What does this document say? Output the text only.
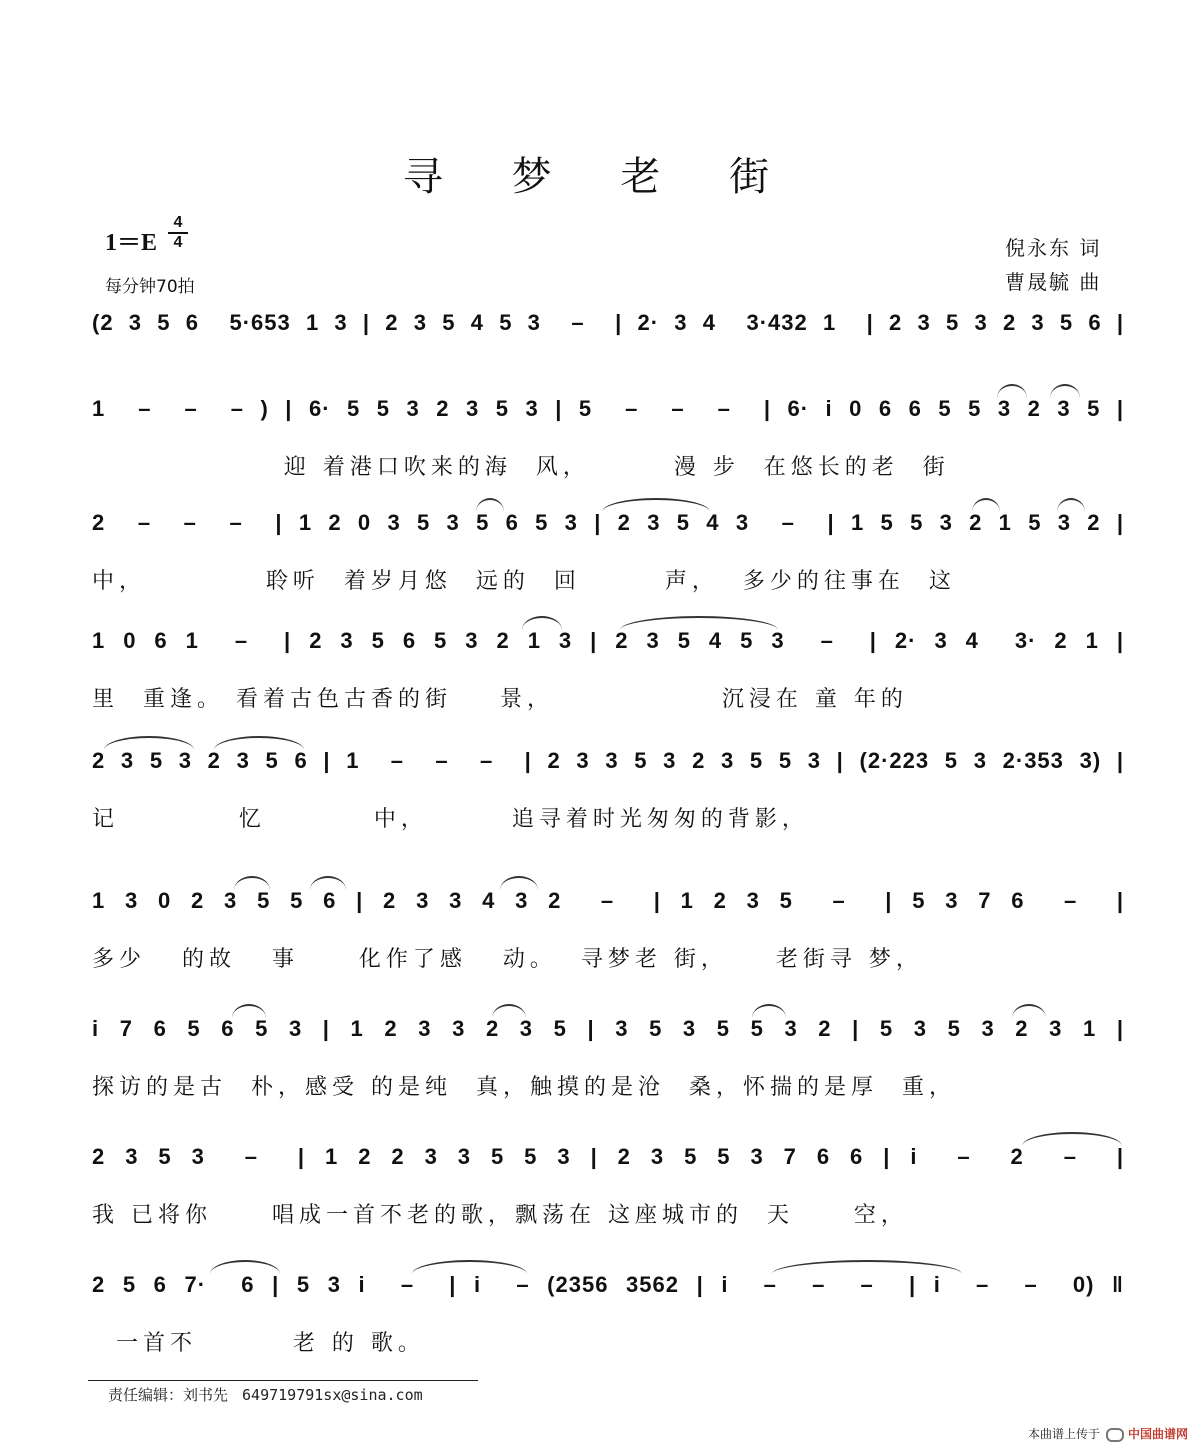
寻 梦 老 街
1＝E
4
4
每分钟70拍
倪永东 词
曹晟毓 曲
(2 3 5 6  5·653 1 3 | 2 3 5 4 5 3  –  | 2· 3 4  3·432 1  | 2 3 5 3 2 3 5 6 |
1  –  –  – ) | 6· 5 5 3 2 3 5 3 | 5  –  –  –  | 6· i 0 6 6 5 5 3 2 3 5 |
迎 着港口吹来的海  风，       漫 步  在悠长的老  街
2  –  –  –  | 1 2 0 3 5 3 5 6 5 3 | 2 3 5 4 3  –  | 1 5 5 3 2 1 5 3 2 |
中，          聆听  着岁月悠  远的  回       声，  多少的往事在  这
1 0 6 1  –  | 2 3 5 6 5 3 2 1 3 | 2 3 5 4 5 3  –  | 2· 3 4  3· 2 1 |
里  重逢。 看着古色古香的街    景，              沉浸在 童 年的
2 3 5 3 2 3 5 6 | 1  –  –  –  | 2 3 3 5 3 2 3 5 5 3 | (2·223 5 3 2·353 3) |
记          忆         中，       追寻着时光匆匆的背影，
1 3 0 2 3 5 5 6 | 2 3 3 4 3 2  –  | 1 2 3 5  –  | 5 3 7 6  –  |
多少   的故   事     化作了感   动。  寻梦老 街，    老街寻 梦，
i 7 6 5 6 5 3 | 1 2 3 3 2 3 5 | 3 5 3 5 5 3 2 | 5 3 5 3 2 3 1 |
探访的是古  朴，感受 的是纯  真，触摸的是沧  桑，怀揣的是厚  重，
2 3 5 3  –  | 1 2 2 3 3 5 5 3 | 2 3 5 5 3 7 6 6 | i  –  2  –  |
我 已将你     唱成一首不老的歌，飘荡在 这座城市的  天     空，
2 5 6 7·  6 | 5 3 i  –  | i  – (2356 3562 | i  –  –  –  | i  –  –  0) ‖
一首不        老 的 歌。
责任编辑：刘书先 649719791sx@sina.com
本曲谱上传于 中国曲谱网
